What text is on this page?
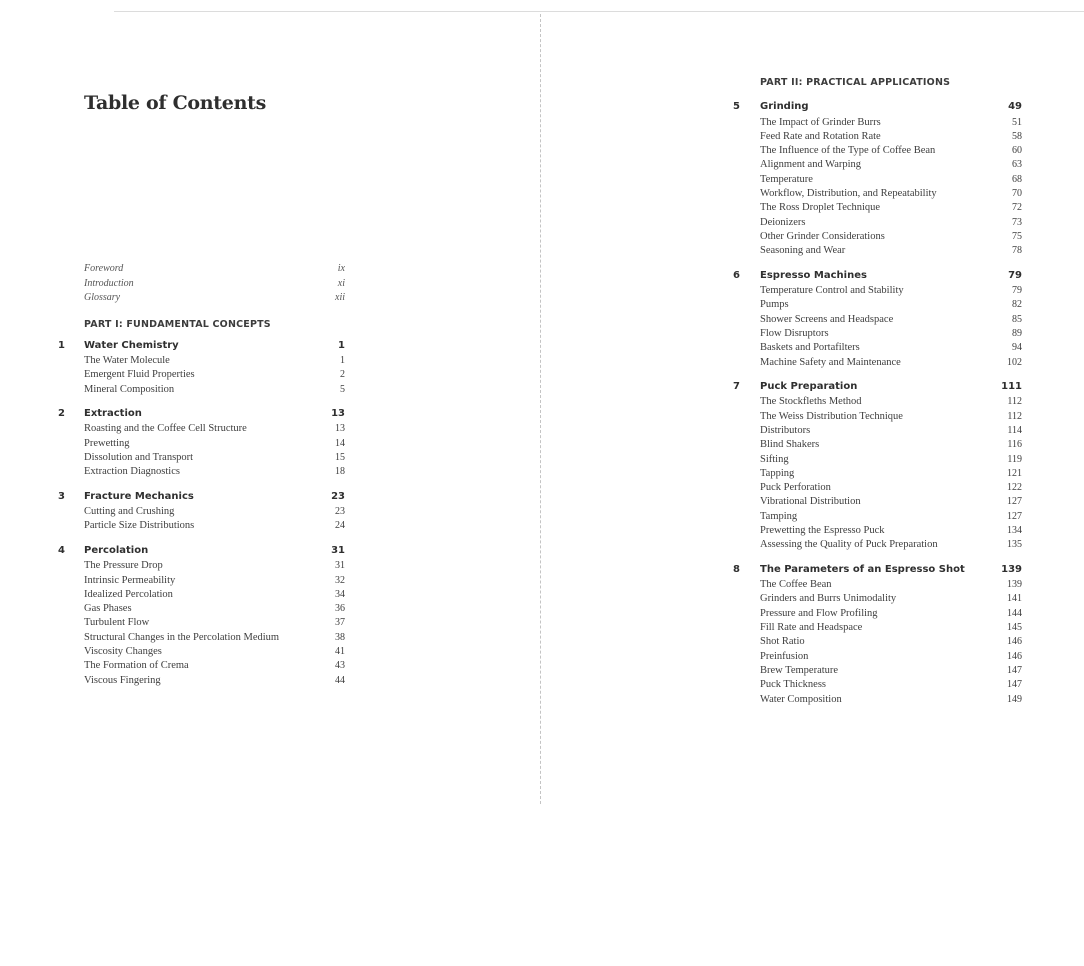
Table of Contents
Foreword	ix
Introduction	xi
Glossary	xii
PART I: FUNDAMENTAL CONCEPTS
1 Water Chemistry	1
The Water Molecule	1
Emergent Fluid Properties	2
Mineral Composition	5
2 Extraction	13
Roasting and the Coffee Cell Structure	13
Prewetting	14
Dissolution and Transport	15
Extraction Diagnostics	18
3 Fracture Mechanics	23
Cutting and Crushing	23
Particle Size Distributions	24
4 Percolation	31
The Pressure Drop	31
Intrinsic Permeability	32
Idealized Percolation	34
Gas Phases	36
Turbulent Flow	37
Structural Changes in the Percolation Medium	38
Viscosity Changes	41
The Formation of Crema	43
Viscous Fingering	44
PART II: PRACTICAL APPLICATIONS
5 Grinding	49
The Impact of Grinder Burrs	51
Feed Rate and Rotation Rate	58
The Influence of the Type of Coffee Bean	60
Alignment and Warping	63
Temperature	68
Workflow, Distribution, and Repeatability	70
The Ross Droplet Technique	72
Deionizers	73
Other Grinder Considerations	75
Seasoning and Wear	78
6 Espresso Machines	79
Temperature Control and Stability	79
Pumps	82
Shower Screens and Headspace	85
Flow Disruptors	89
Baskets and Portafilters	94
Machine Safety and Maintenance	102
7 Puck Preparation	111
The Stockfleths Method	112
The Weiss Distribution Technique	112
Distributors	114
Blind Shakers	116
Sifting	119
Tapping	121
Puck Perforation	122
Vibrational Distribution	127
Tamping	127
Prewetting the Espresso Puck	134
Assessing the Quality of Puck Preparation	135
8 The Parameters of an Espresso Shot	139
The Coffee Bean	139
Grinders and Burrs Unimodality	141
Pressure and Flow Profiling	144
Fill Rate and Headspace	145
Shot Ratio	146
Preinfusion	146
Brew Temperature	147
Puck Thickness	147
Water Composition	149
